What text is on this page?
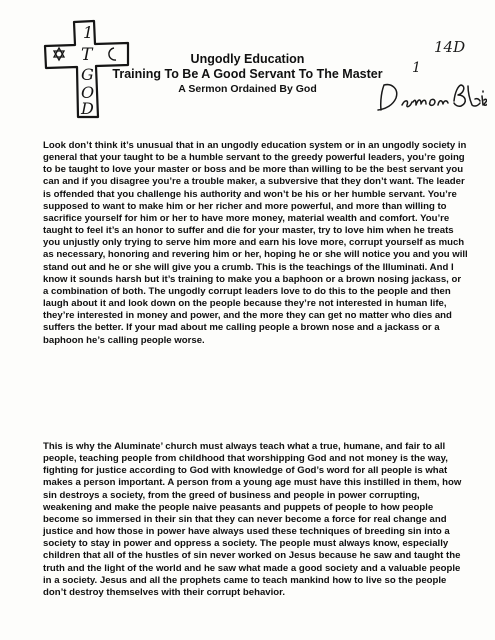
1
T
G
O
D

Ungodly Education

Training To Be A Good Servant To The Master

A Sermon Ordained By God

14D
1

Look don’t think it’s unusual that in an ungodly education system or in an ungodly society in general that your taught to be a humble servant to the greedy powerful leaders, you’re going to be taught to love your master or boss and be more than willing to be the best servant you can and if you disagree you’re a trouble maker, a subversive that they don’t want. The leader is offended that you challenge his authority and won’t be his or her humble servant. You’re supposed to want to make him or her richer and more powerful, and more than willing to sacrifice yourself for him or her to have more money, material wealth and comfort. You’re taught to feel it’s an honor to suffer and die for your master, try to love him when he treats you unjustly only trying to serve him more and earn his love more, corrupt yourself as much as necessary, honoring and revering him or her, hoping he or she will notice you and you will stand out and he or she will give you a crumb. This is the teachings of the Illuminati. And I know it sounds harsh but it’s training to make you a baphoon or a brown nosing jackass, or a combination of both. The ungodly corrupt leaders love to do this to the people and then laugh about it and look down on the people because they’re not interested in human life, they’re interested in money and power, and the more they can get no matter who dies and suffers the better. If your mad about me calling people a brown nose and a jackass or a baphoon he’s calling people worse.

This is why the Aluminate’ church must always teach what a true, humane, and fair to all people, teaching people from childhood that worshipping God and not money is the way, fighting for justice according to God with knowledge of God’s word for all people is what makes a person important. A person from a young age must have this instilled in them, how sin destroys a society, from the greed of business and people in power corrupting, weakening and make the people naive peasants and puppets of people to how people become so immersed in their sin that they can never become a force for real change and justice and how those in power have always used these techniques of breeding sin into a society to stay in power and oppress a society. The people must always know, especially children that all of the hustles of sin never worked on Jesus because he saw and taught the truth and the light of the world and he saw what made a good society and a valuable people in a society. Jesus and all the prophets came to teach mankind how to live so the people don’t destroy themselves with their corrupt behavior.
